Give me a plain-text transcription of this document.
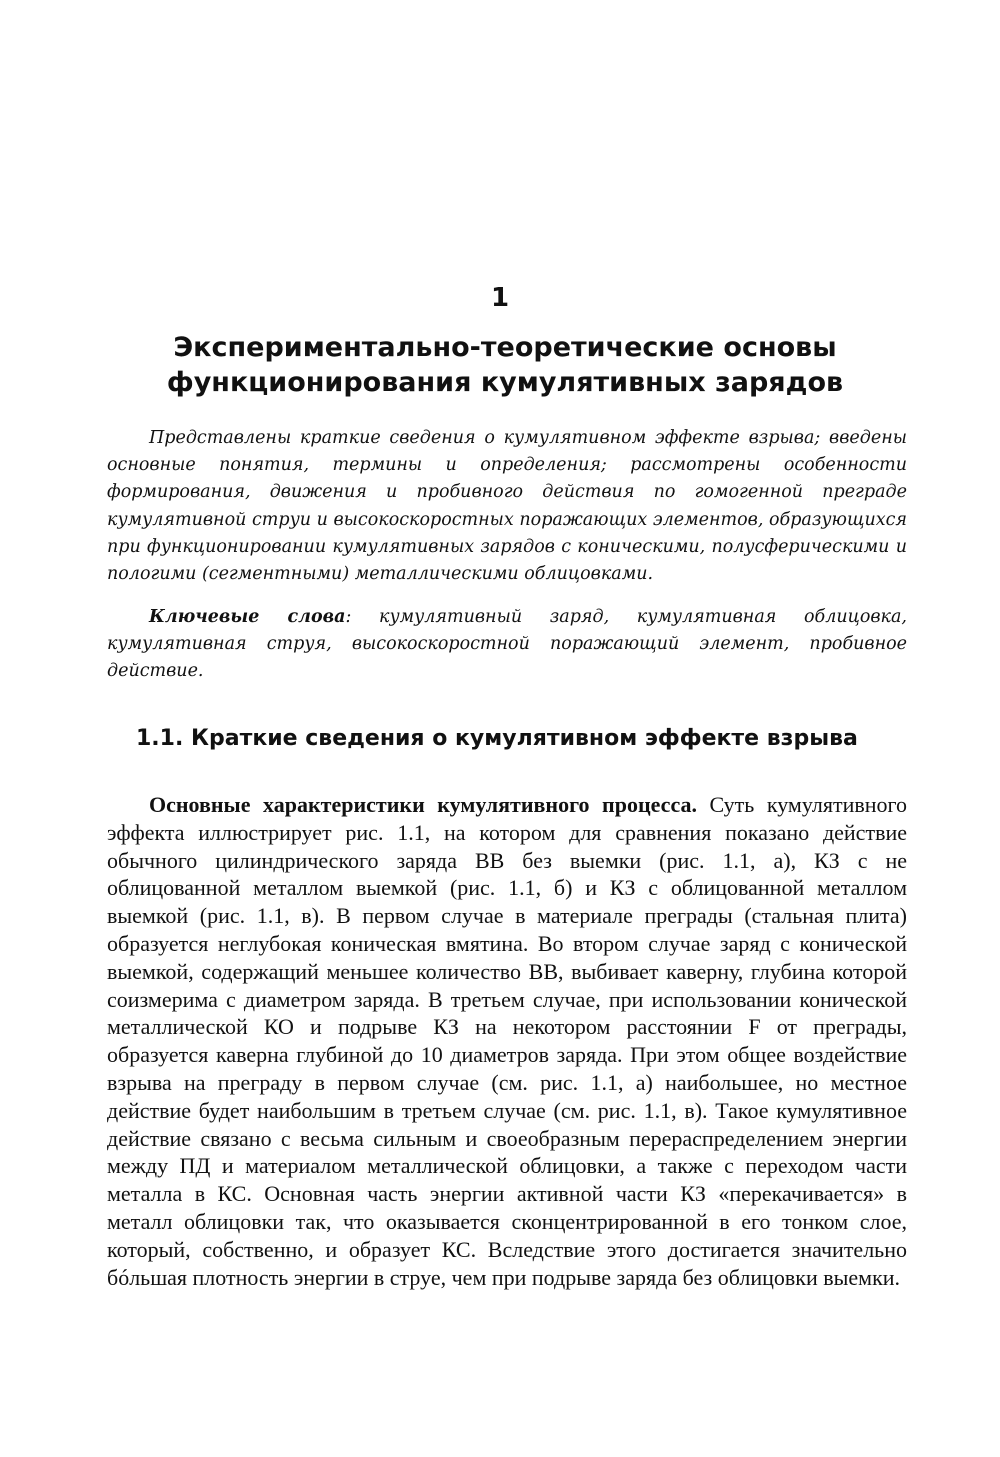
1
Экспериментально-теоретические основы функционирования кумулятивных зарядов

Представлены краткие сведения о кумулятивном эффекте взрыва; введены основные понятия, термины и определения; рассмотрены особенности формирования, движения и пробивного действия по гомогенной преграде кумулятивной струи и высокоскоростных поражающих элементов, образующихся при функционировании кумулятивных зарядов с коническими, полусферическими и пологими (сегментными) металлическими облицовками.

Ключевые слова: кумулятивный заряд, кумулятивная облицовка, кумулятивная струя, высокоскоростной поражающий элемент, пробивное действие.

1.1. Краткие сведения о кумулятивном эффекте взрыва

Основные характеристики кумулятивного процесса. Суть кумулятивного эффекта иллюстрирует рис. 1.1, на котором для сравнения показано действие обычного цилиндрического заряда ВВ без выемки (рис. 1.1, а), КЗ с не облицованной металлом выемкой (рис. 1.1, б) и КЗ с облицованной металлом выемкой (рис. 1.1, в). В первом случае в материале преграды (стальная плита) образуется неглубокая коническая вмятина. Во втором случае заряд с конической выемкой, содержащий меньшее количество ВВ, выбивает каверну, глубина которой соизмерима с диаметром заряда. В третьем случае, при использовании конической металлической КО и подрыве КЗ на некотором расстоянии F от преграды, образуется каверна глубиной до 10 диаметров заряда. При этом общее воздействие взрыва на преграду в первом случае (см. рис. 1.1, а) наибольшее, но местное действие будет наибольшим в третьем случае (см. рис. 1.1, в). Такое кумулятивное действие связано с весьма сильным и своеобразным перераспределением энергии между ПД и материалом металлической облицовки, а также с переходом части металла в КС. Основная часть энергии активной части КЗ «перекачивается» в металл облицовки так, что оказывается сконцентрированной в его тонком слое, который, собственно, и образует КС. Вследствие этого достигается значительно бóльшая плотность энергии в струе, чем при подрыве заряда без облицовки выемки.
